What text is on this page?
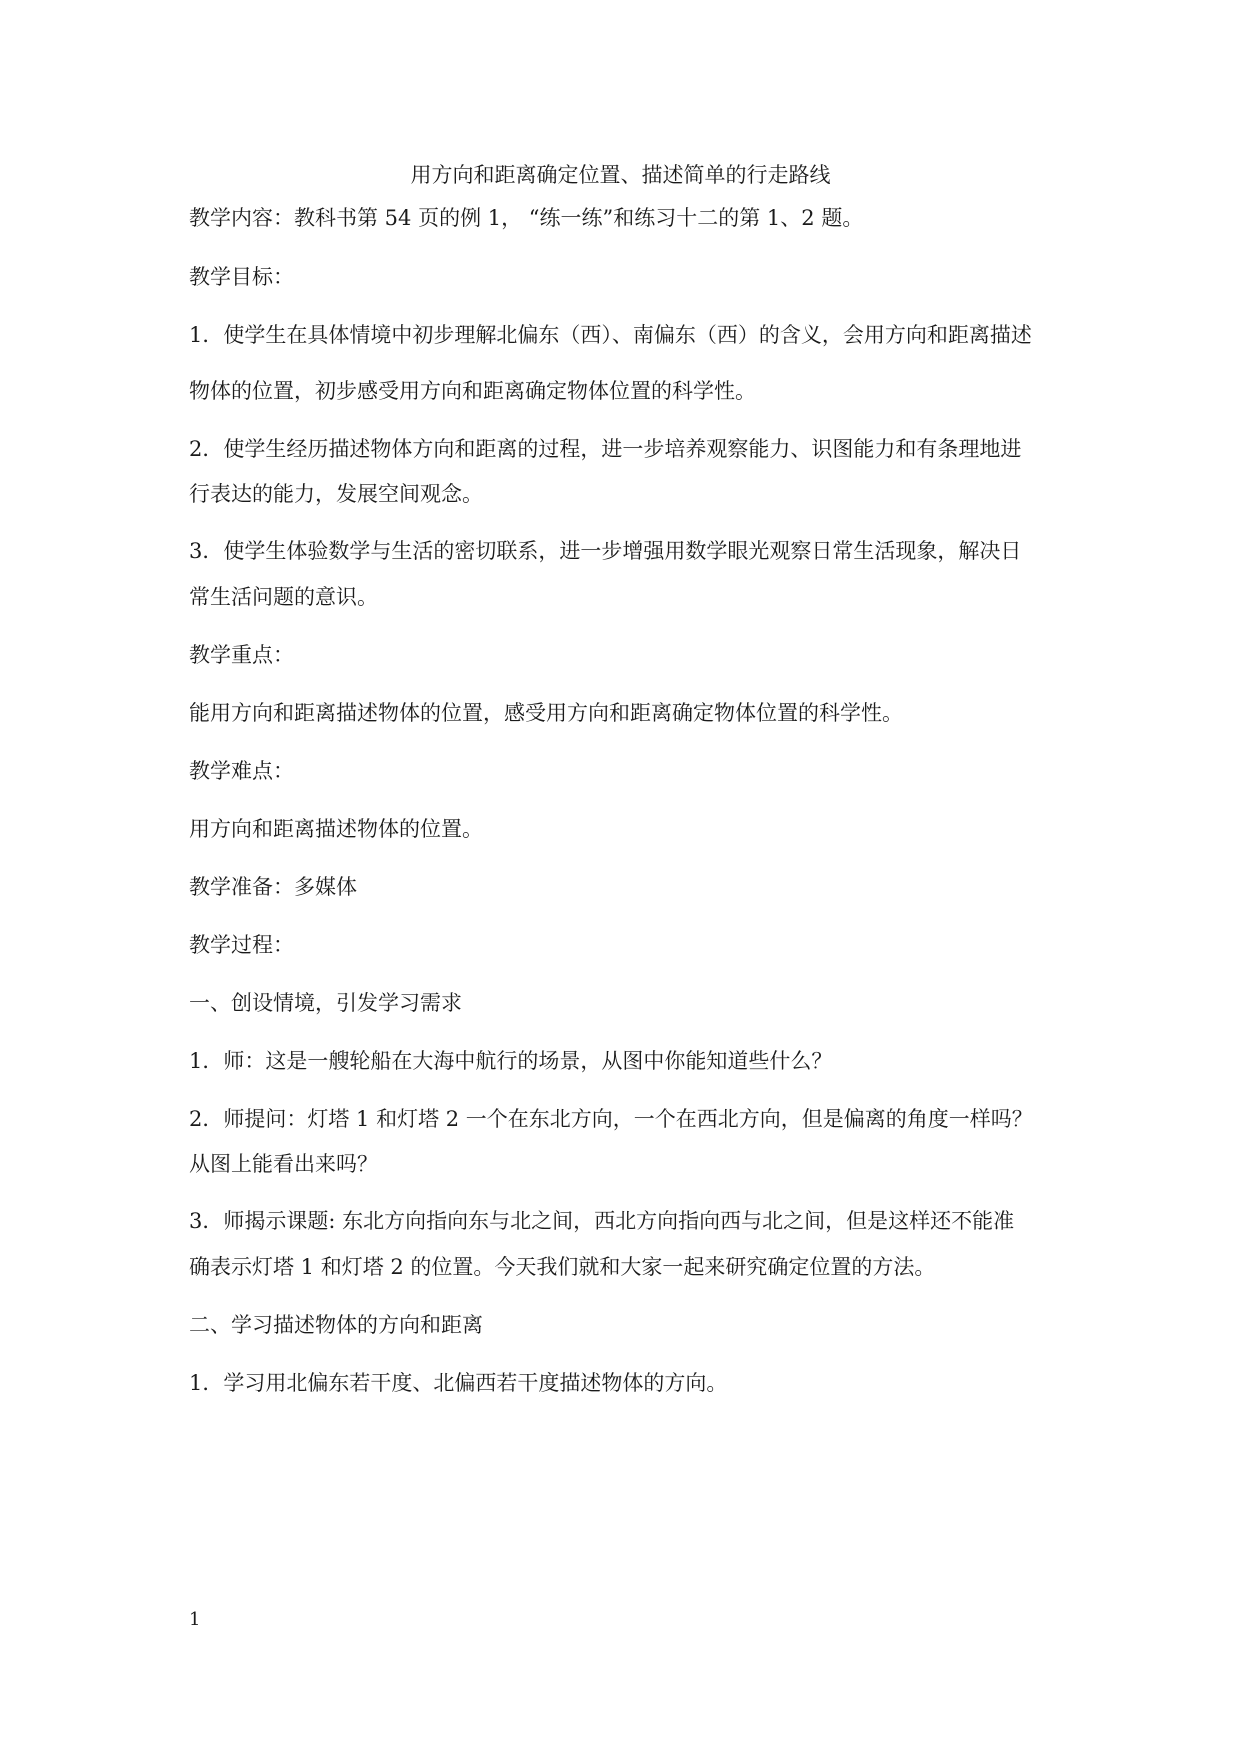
用方向和距离确定位置、描述简单的行走路线
教学内容：教科书第 54 页的例 1， “练一练”和练习十二的第 1、2 题。
教学目标：
1．使学生在具体情境中初步理解北偏东（西）、南偏东（西）的含义，会用方向和距离描述
物体的位置，初步感受用方向和距离确定物体位置的科学性。
2．使学生经历描述物体方向和距离的过程，进一步培养观察能力、识图能力和有条理地进
行表达的能力，发展空间观念。
3．使学生体验数学与生活的密切联系，进一步增强用数学眼光观察日常生活现象，解决日
常生活问题的意识。
教学重点：
能用方向和距离描述物体的位置，感受用方向和距离确定物体位置的科学性。
教学难点：
用方向和距离描述物体的位置。
教学准备：多媒体
教学过程：
一、创设情境，引发学习需求
1．师：这是一艘轮船在大海中航行的场景，从图中你能知道些什么？
2．师提问：灯塔 1 和灯塔 2 一个在东北方向，一个在西北方向，但是偏离的角度一样吗？
从图上能看出来吗？
3．师揭示课题: 东北方向指向东与北之间，西北方向指向西与北之间，但是这样还不能准
确表示灯塔 1 和灯塔 2 的位置。今天我们就和大家一起来研究确定位置的方法。
二、学习描述物体的方向和距离
1．学习用北偏东若干度、北偏西若干度描述物体的方向。
1
